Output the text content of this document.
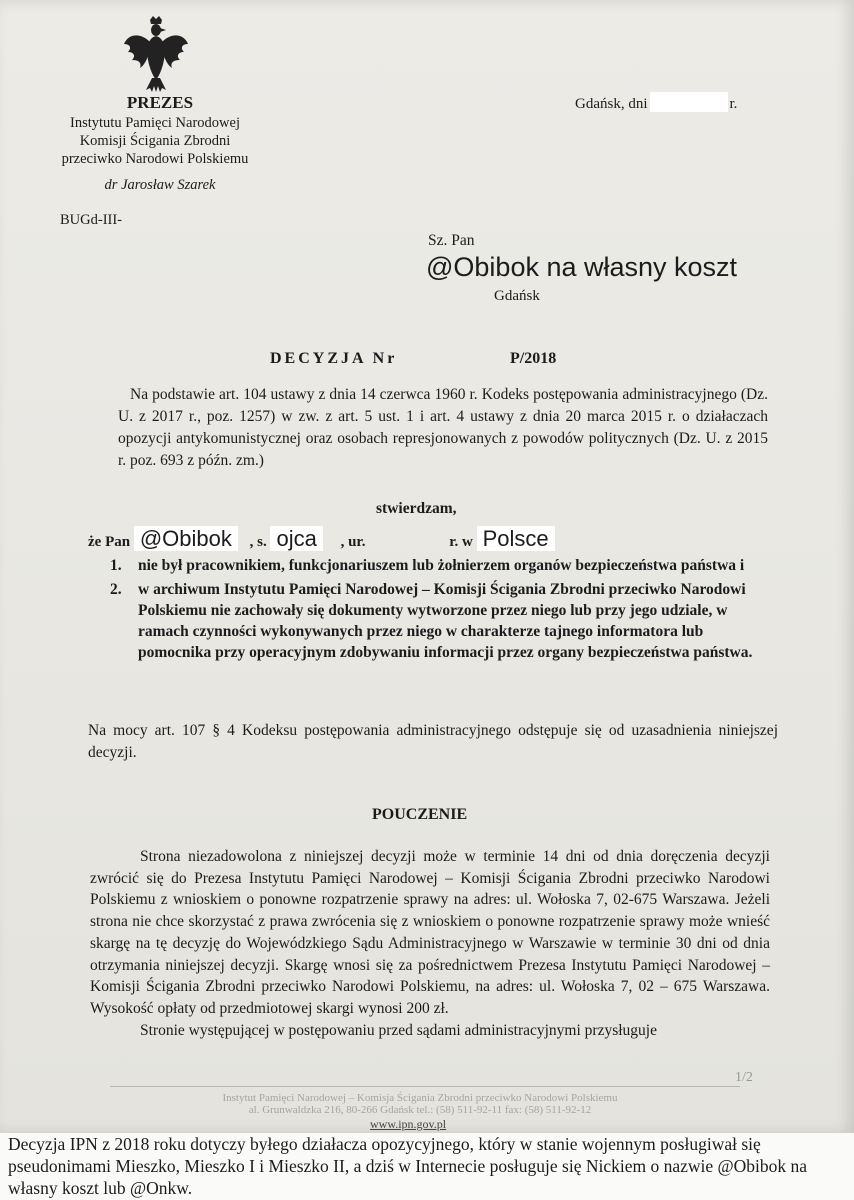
PREZES
Instytutu Pamięci Narodowej
Komisji Ścigania Zbrodni
przeciwko Narodowi Polskiemu
dr Jarosław Szarek
BUGd-III-
Gdańsk, dni	r.
Sz. Pan
@Obibok na własny koszt
Gdańsk
DECYZJA Nr	P/2018
Na podstawie art. 104 ustawy z dnia 14 czerwca 1960 r. Kodeks postępowania administracyjnego (Dz. U. z 2017 r., poz. 1257) w zw. z art. 5 ust. 1 i art. 4 ustawy z dnia 20 marca 2015 r. o działaczach opozycji antykomunistycznej oraz osobach represjonowanych z powodów politycznych (Dz. U. z 2015 r. poz. 693 z późn. zm.)
stwierdzam,
że Pan @Obibok , s. ojca , ur.	r. w Polsce
1.	nie był pracownikiem, funkcjonariuszem lub żołnierzem organów bezpieczeństwa państwa i
2.	w archiwum Instytutu Pamięci Narodowej – Komisji Ścigania Zbrodni przeciwko Narodowi Polskiemu nie zachowały się dokumenty wytworzone przez niego lub przy jego udziale, w ramach czynności wykonywanych przez niego w charakterze tajnego informatora lub pomocnika przy operacyjnym zdobywaniu informacji przez organy bezpieczeństwa państwa.
Na mocy art. 107 § 4 Kodeksu postępowania administracyjnego odstępuje się od uzasadnienia niniejszej decyzji.
POUCZENIE
Strona niezadowolona z niniejszej decyzji może w terminie 14 dni od dnia doręczenia decyzji zwrócić się do Prezesa Instytutu Pamięci Narodowej – Komisji Ścigania Zbrodni przeciwko Narodowi Polskiemu z wnioskiem o ponowne rozpatrzenie sprawy na adres: ul. Wołoska 7, 02-675 Warszawa. Jeżeli strona nie chce skorzystać z prawa zwrócenia się z wnioskiem o ponowne rozpatrzenie sprawy może wnieść skargę na tę decyzję do Wojewódzkiego Sądu Administracyjnego w Warszawie w terminie 30 dni od dnia otrzymania niniejszej decyzji. Skargę wnosi się za pośrednictwem Prezesa Instytutu Pamięci Narodowej – Komisji Ścigania Zbrodni przeciwko Narodowi Polskiemu, na adres: ul. Wołoska 7, 02 – 675 Warszawa. Wysokość opłaty od przedmiotowej skargi wynosi 200 zł.
Stronie występującej w postępowaniu przed sądami administracyjnymi przysługuje
1/2
Instytut Pamięci Narodowej – Komisja Ścigania Zbrodni przeciwko Narodowi Polskiemu
al. Grunwaldzka 216, 80-266 Gdańsk tel.: (58) 511-92-11 fax: (58) 511-92-12
www.ipn.gov.pl
Decyzja IPN z 2018 roku dotyczy byłego działacza opozycyjnego, który w stanie wojennym posługiwał się pseudonimami Mieszko, Mieszko I i Mieszko II, a dziś w Internecie posługuje się Nickiem o nazwie @Obibok na własny koszt lub @Onkw.
